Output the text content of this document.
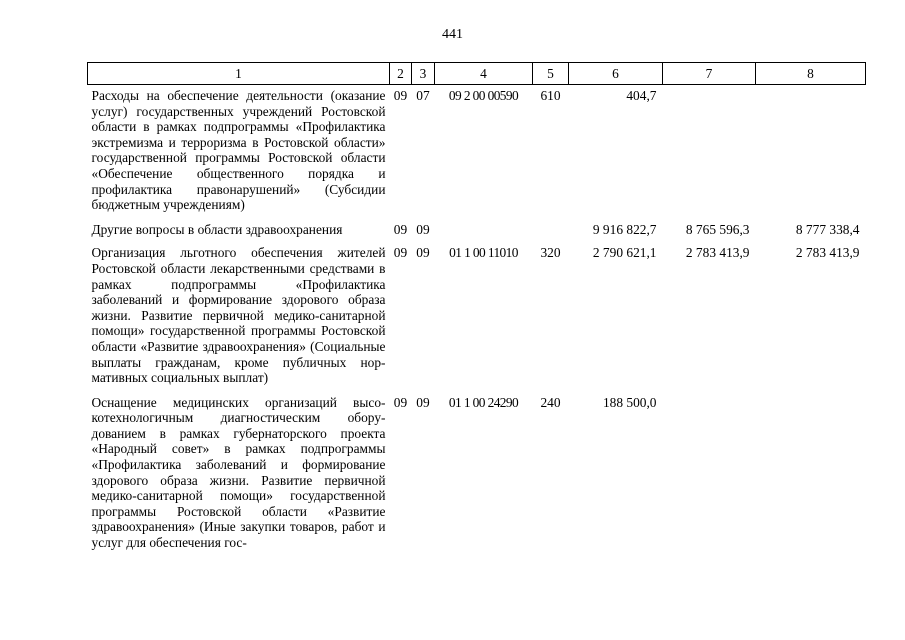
441
1	2	3	4	5	6	7	8
Расходы на обеспечение деятельности (оказание услуг) государственных учреждений Ростовской области в рамках подпрограммы «Профилактика экстремизма и терроризма в Ростовской области» государственной программы Ростовской области «Обеспечение общественного порядка и профилактика правонарушений» (Субсидии бюджетным учреждениям)	09	07	09 2 00 00590	610	404,7		
Другие вопросы в области здравоохранения	09	09			9 916 822,7	8 765 596,3	8 777 338,4
Организация льготного обеспечения жителей Ростовской области лекарственными средствами в рамках подпрограммы «Профилактика заболеваний и формирование здорового образа жизни. Развитие первичной медико-санитарной помощи» государственной программы Ростовской области «Развитие здравоохранения» (Социальные выплаты гражданам, кроме публичных нормативных социальных выплат)	09	09	01 1 00 11010	320	2 790 621,1	2 783 413,9	2 783 413,9
Оснащение медицинских организаций высокотехнологичным диагностическим оборудованием в рамках губернаторского проекта «Народный совет» в рамках подпрограммы «Профилактика заболеваний и формирование здорового образа жизни. Развитие первичной медико-санитарной помощи» государственной программы Ростовской области «Развитие здравоохранения» (Иные закупки товаров, работ и услуг для обеспечения гос-	09	09	01 1 00 24290	240	188 500,0		
